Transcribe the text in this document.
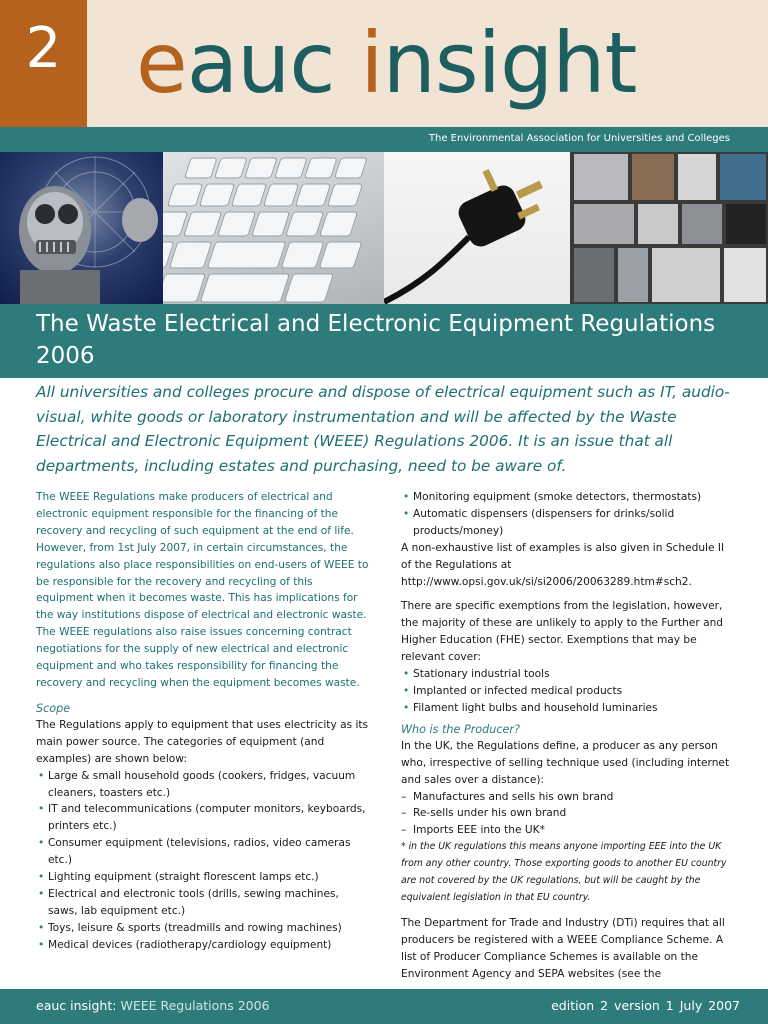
2 eauc insight
The Environmental Association for Universities and Colleges
The Waste Electrical and Electronic Equipment Regulations 2006
All universities and colleges procure and dispose of electrical equipment such as IT, audio-visual, white goods or laboratory instrumentation and will be affected by the Waste Electrical and Electronic Equipment (WEEE) Regulations 2006. It is an issue that all departments, including estates and purchasing, need to be aware of.

The WEEE Regulations make producers of electrical and electronic equipment responsible for the financing of the recovery and recycling of such equipment at the end of life. However, from 1st July 2007, in certain circumstances, the regulations also place responsibilities on end-users of WEEE to be responsible for the recovery and recycling of this equipment when it becomes waste. This has implications for the way institutions dispose of electrical and electronic waste. The WEEE regulations also raise issues concerning contract negotiations for the supply of new electrical and electronic equipment and who takes responsibility for financing the recovery and recycling when the equipment becomes waste.

Scope

The Regulations apply to equipment that uses electricity as its main power source. The categories of equipment (and examples) are shown below:

• Large & small household goods (cookers, fridges, vacuum cleaners, toasters etc.)
• IT and telecommunications (computer monitors, keyboards, printers etc.)
• Consumer equipment (televisions, radios, video cameras etc.)
• Lighting equipment (straight florescent lamps etc.)
• Electrical and electronic tools (drills, sewing machines, saws, lab equipment etc.)
• Toys, leisure & sports (treadmills and rowing machines)
• Medical devices (radiotherapy/cardiology equipment)
• Monitoring equipment (smoke detectors, thermostats)
• Automatic dispensers (dispensers for drinks/solid products/money)

A non-exhaustive list of examples is also given in Schedule II of the Regulations at http://www.opsi.gov.uk/si/si2006/20063289.htm#sch2.

There are specific exemptions from the legislation, however, the majority of these are unlikely to apply to the Further and Higher Education (FHE) sector. Exemptions that may be relevant cover:

• Stationary industrial tools
• Implanted or infected medical products
• Filament light bulbs and household luminaries
Who is the Producer?

In the UK, the Regulations define, a producer as any person who, irrespective of selling technique used (including internet and sales over a distance):

– Manufactures and sells his own brand
– Re-sells under his own brand
– Imports EEE into the UK*

* in the UK regulations this means anyone importing EEE into the UK from any other country. Those exporting goods to another EU country are not covered by the UK regulations, but will be caught by the equivalent legislation in that EU country.

The Department for Trade and Industry (DTi) requires that all producers be registered with a WEEE Compliance Scheme. A list of Producer Compliance Schemes is available on the Environment Agency and SEPA websites (see the

eauc insight: WEEE Regulations 2006	edition 2 version 1 July 2007
